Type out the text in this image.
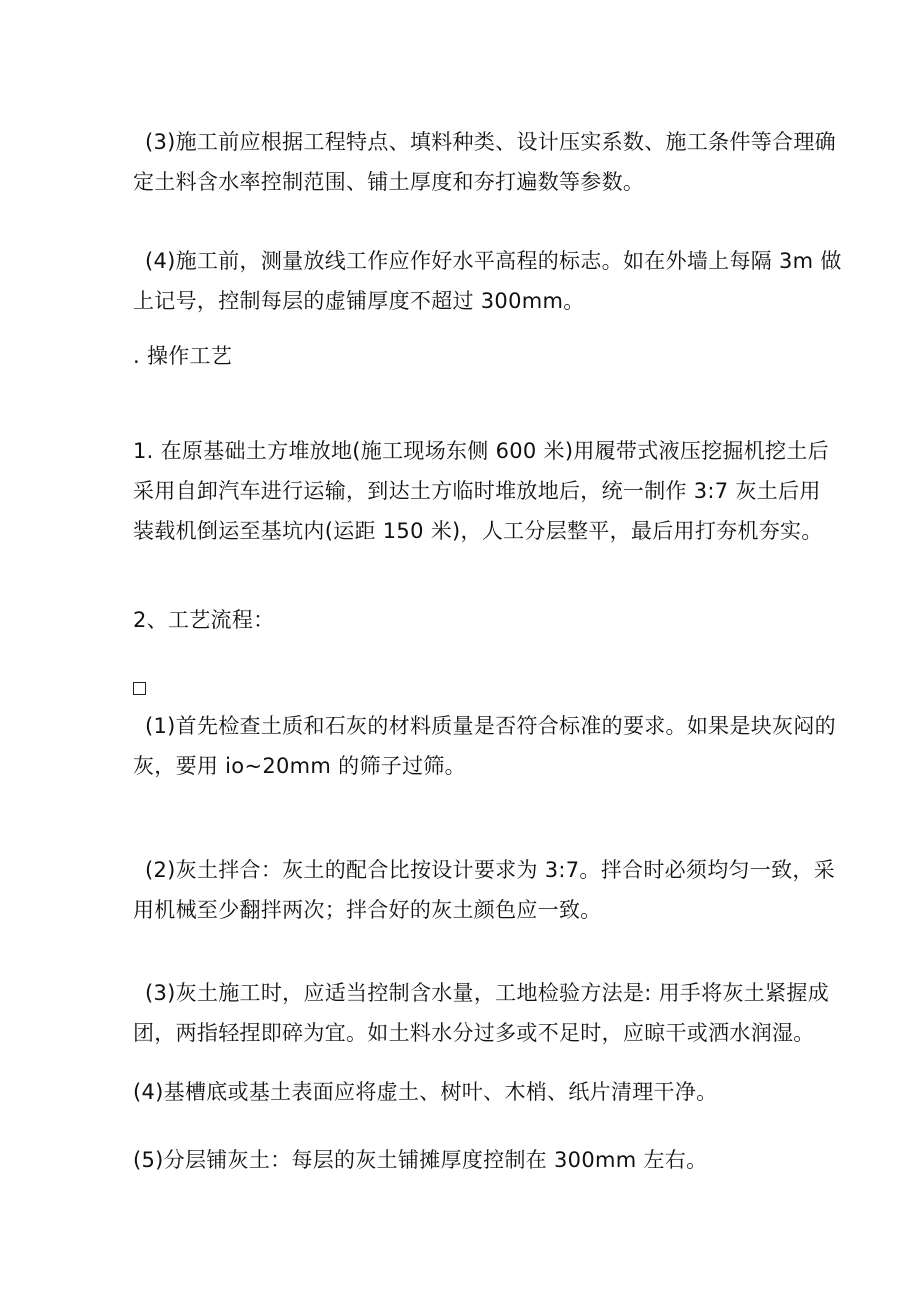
(3)施工前应根据工程特点、填料种类、设计压实系数、施工条件等合理确
定土料含水率控制范围、铺土厚度和夯打遍数等参数。
(4)施工前，测量放线工作应作好水平高程的标志。如在外墙上每隔 3m 做
上记号，控制每层的虚铺厚度不超过 300mm。
. 操作工艺
1. 在原基础土方堆放地(施工现场东侧 600 米)用履带式液压挖掘机挖土后
采用自卸汽车进行运输，到达土方临时堆放地后，统一制作 3:7 灰土后用
装载机倒运至基坑内(运距 150 米)，人工分层整平，最后用打夯机夯实。
2、工艺流程：
(1)首先检查土质和石灰的材料质量是否符合标准的要求。如果是块灰闷的
灰，要用 io~20mm 的筛子过筛。
(2)灰土拌合：灰土的配合比按设计要求为 3:7。拌合时必须均匀一致，采
用机械至少翻拌两次；拌合好的灰土颜色应一致。
(3)灰土施工时，应适当控制含水量，工地检验方法是: 用手将灰土紧握成
团，两指轻捏即碎为宜。如土料水分过多或不足时，应晾干或洒水润湿。
(4)基槽底或基土表面应将虚土、树叶、木梢、纸片清理干净。
(5)分层铺灰土：每层的灰土铺摊厚度控制在 300mm 左右。
